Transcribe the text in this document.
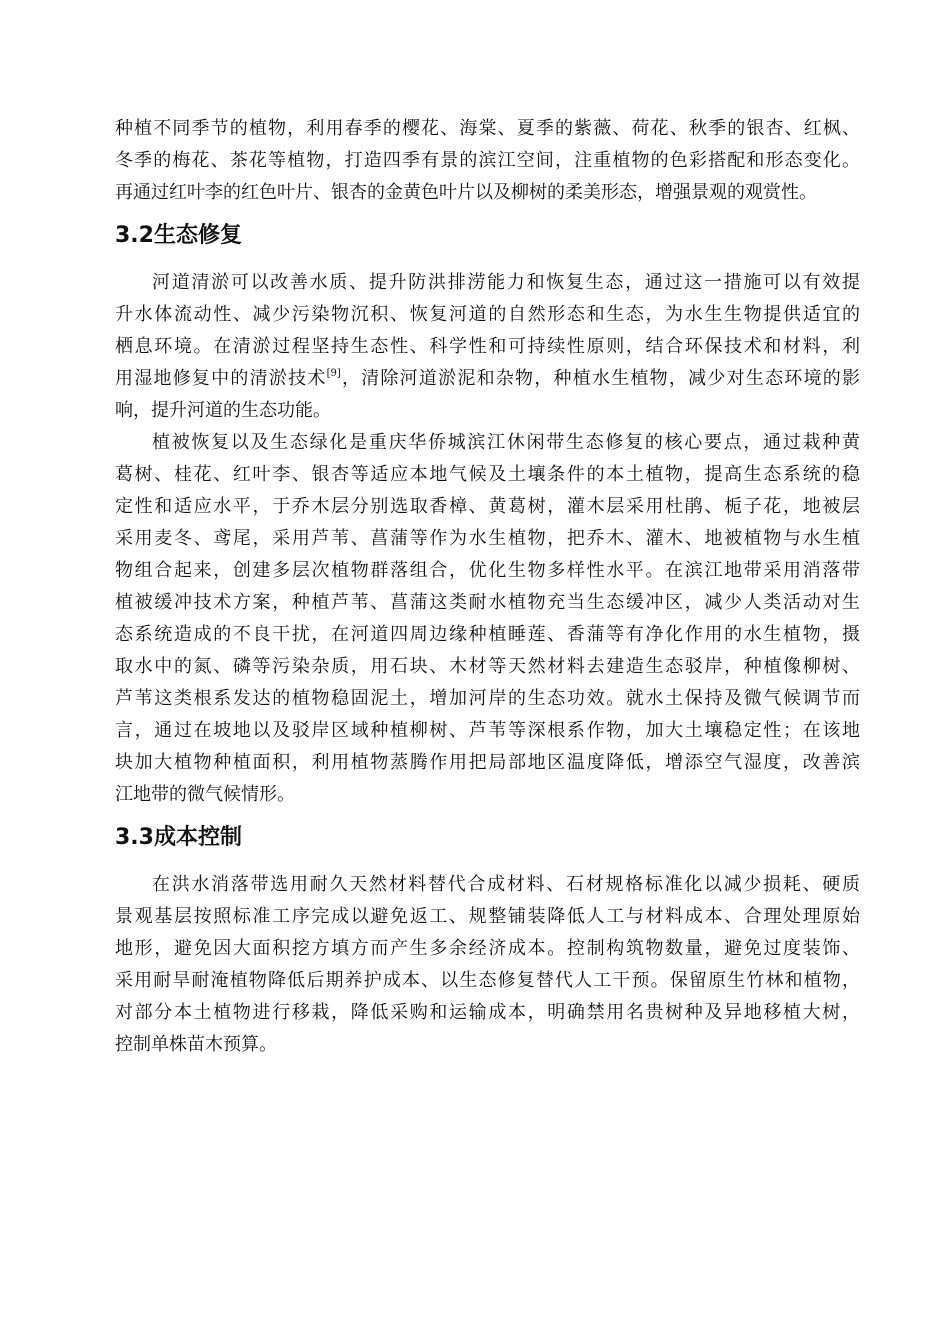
种植不同季节的植物，利用春季的樱花、海棠、夏季的紫薇、荷花、秋季的银杏、红枫、
冬季的梅花、茶花等植物，打造四季有景的滨江空间，注重植物的色彩搭配和形态变化。
再通过红叶李的红色叶片、银杏的金黄色叶片以及柳树的柔美形态，增强景观的观赏性。
3.2生态修复
河道清淤可以改善水质、提升防洪排涝能力和恢复生态，通过这一措施可以有效提
升水体流动性、减少污染物沉积、恢复河道的自然形态和生态，为水生生物提供适宜的
栖息环境。在清淤过程坚持生态性、科学性和可持续性原则，结合环保技术和材料，利
用湿地修复中的清淤技术[9]，清除河道淤泥和杂物，种植水生植物，减少对生态环境的影
响，提升河道的生态功能。
植被恢复以及生态绿化是重庆华侨城滨江休闲带生态修复的核心要点，通过栽种黄
葛树、桂花、红叶李、银杏等适应本地气候及土壤条件的本土植物，提高生态系统的稳
定性和适应水平，于乔木层分别选取香樟、黄葛树，灌木层采用杜鹃、栀子花，地被层
采用麦冬、鸢尾，采用芦苇、菖蒲等作为水生植物，把乔木、灌木、地被植物与水生植
物组合起来，创建多层次植物群落组合，优化生物多样性水平。在滨江地带采用消落带
植被缓冲技术方案，种植芦苇、菖蒲这类耐水植物充当生态缓冲区，减少人类活动对生
态系统造成的不良干扰，在河道四周边缘种植睡莲、香蒲等有净化作用的水生植物，摄
取水中的氮、磷等污染杂质，用石块、木材等天然材料去建造生态驳岸，种植像柳树、
芦苇这类根系发达的植物稳固泥土，增加河岸的生态功效。就水土保持及微气候调节而
言，通过在坡地以及驳岸区域种植柳树、芦苇等深根系作物，加大土壤稳定性；在该地
块加大植物种植面积，利用植物蒸腾作用把局部地区温度降低，增添空气湿度，改善滨
江地带的微气候情形。
3.3成本控制
在洪水消落带选用耐久天然材料替代合成材料、石材规格标准化以减少损耗、硬质
景观基层按照标准工序完成以避免返工、规整铺装降低人工与材料成本、合理处理原始
地形，避免因大面积挖方填方而产生多余经济成本。控制构筑物数量，避免过度装饰、
采用耐旱耐淹植物降低后期养护成本、以生态修复替代人工干预。保留原生竹林和植物，
对部分本土植物进行移栽，降低采购和运输成本，明确禁用名贵树种及异地移植大树，
控制单株苗木预算。
